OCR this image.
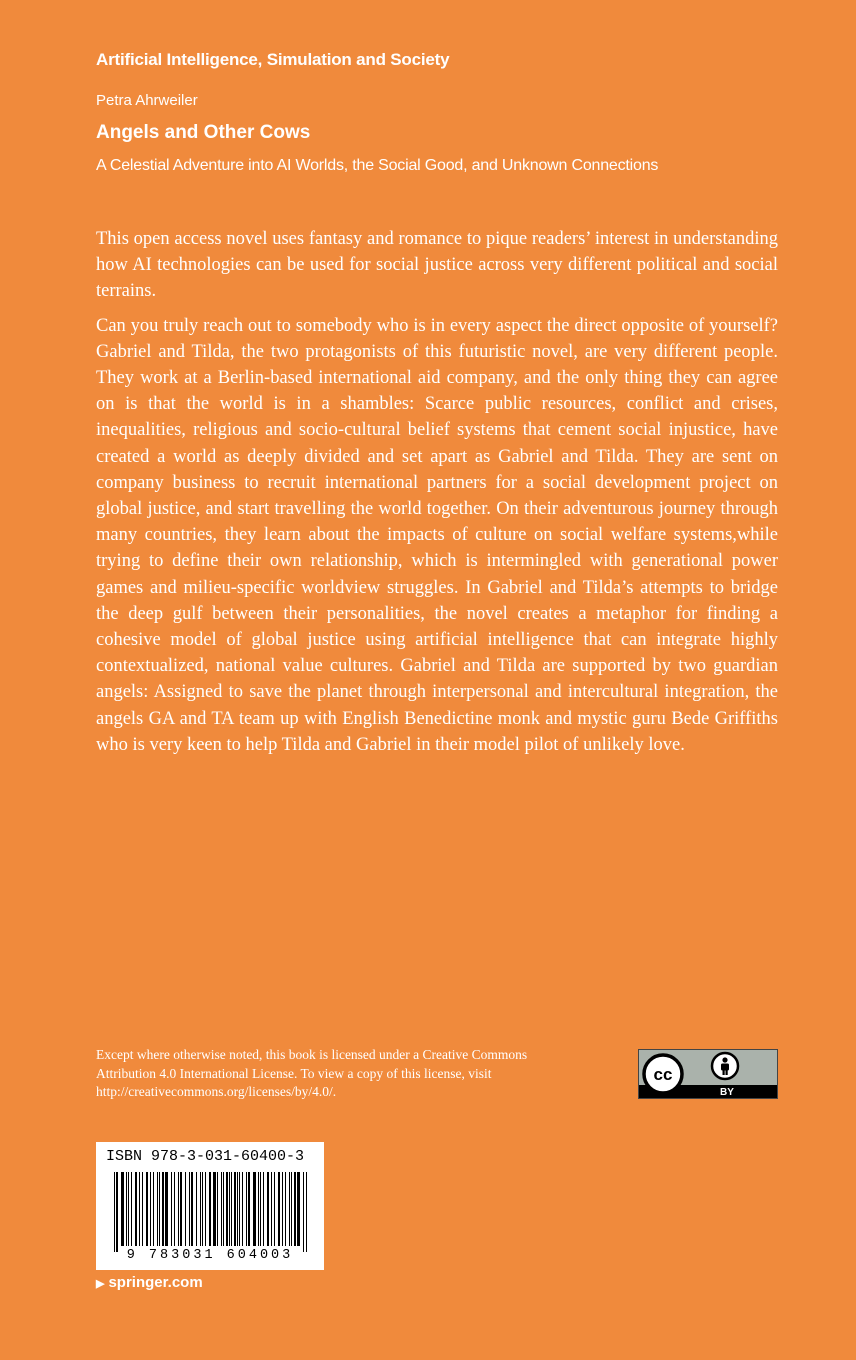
Artificial Intelligence, Simulation and Society
Petra Ahrweiler
Angels and Other Cows
A Celestial Adventure into AI Worlds, the Social Good, and Unknown Connections

This open access novel uses fantasy and romance to pique readers’ interest in understanding how AI technologies can be used for social justice across very different political and social terrains.

Can you truly reach out to somebody who is in every aspect the direct opposite of yourself? Gabriel and Tilda, the two protagonists of this futuristic novel, are very different people. They work at a Berlin-based international aid company, and the only thing they can agree on is that the world is in a shambles: Scarce public resources, conflict and crises, inequalities, religious and socio-cultural belief systems that cement social injustice, have created a world as deeply divided and set apart as Gabriel and Tilda. They are sent on company business to recruit international partners for a social development project on global justice, and start travelling the world together. On their adventurous journey through many countries, they learn about the impacts of culture on social welfare systems,while trying to define their own relationship, which is intermingled with generational power games and milieu-specific worldview struggles. In Gabriel and Tilda’s attempts to bridge the deep gulf between their personalities, the novel creates a metaphor for finding a cohesive model of global justice using artificial intelligence that can integrate highly contextualized, national value cultures. Gabriel and Tilda are supported by two guardian angels: Assigned to save the planet through interpersonal and intercultural integration, the angels GA and TA team up with English Benedictine monk and mystic guru Bede Griffiths who is very keen to help Tilda and Gabriel in their model pilot of unlikely love.

Except where otherwise noted, this book is licensed under a Creative Commons Attribution 4.0 International License. To view a copy of this license, visit http://creativecommons.org/licenses/by/4.0/.
cc
BY
ISBN 978-3-031-60400-3
9 783031 604003
▶ springer.com
